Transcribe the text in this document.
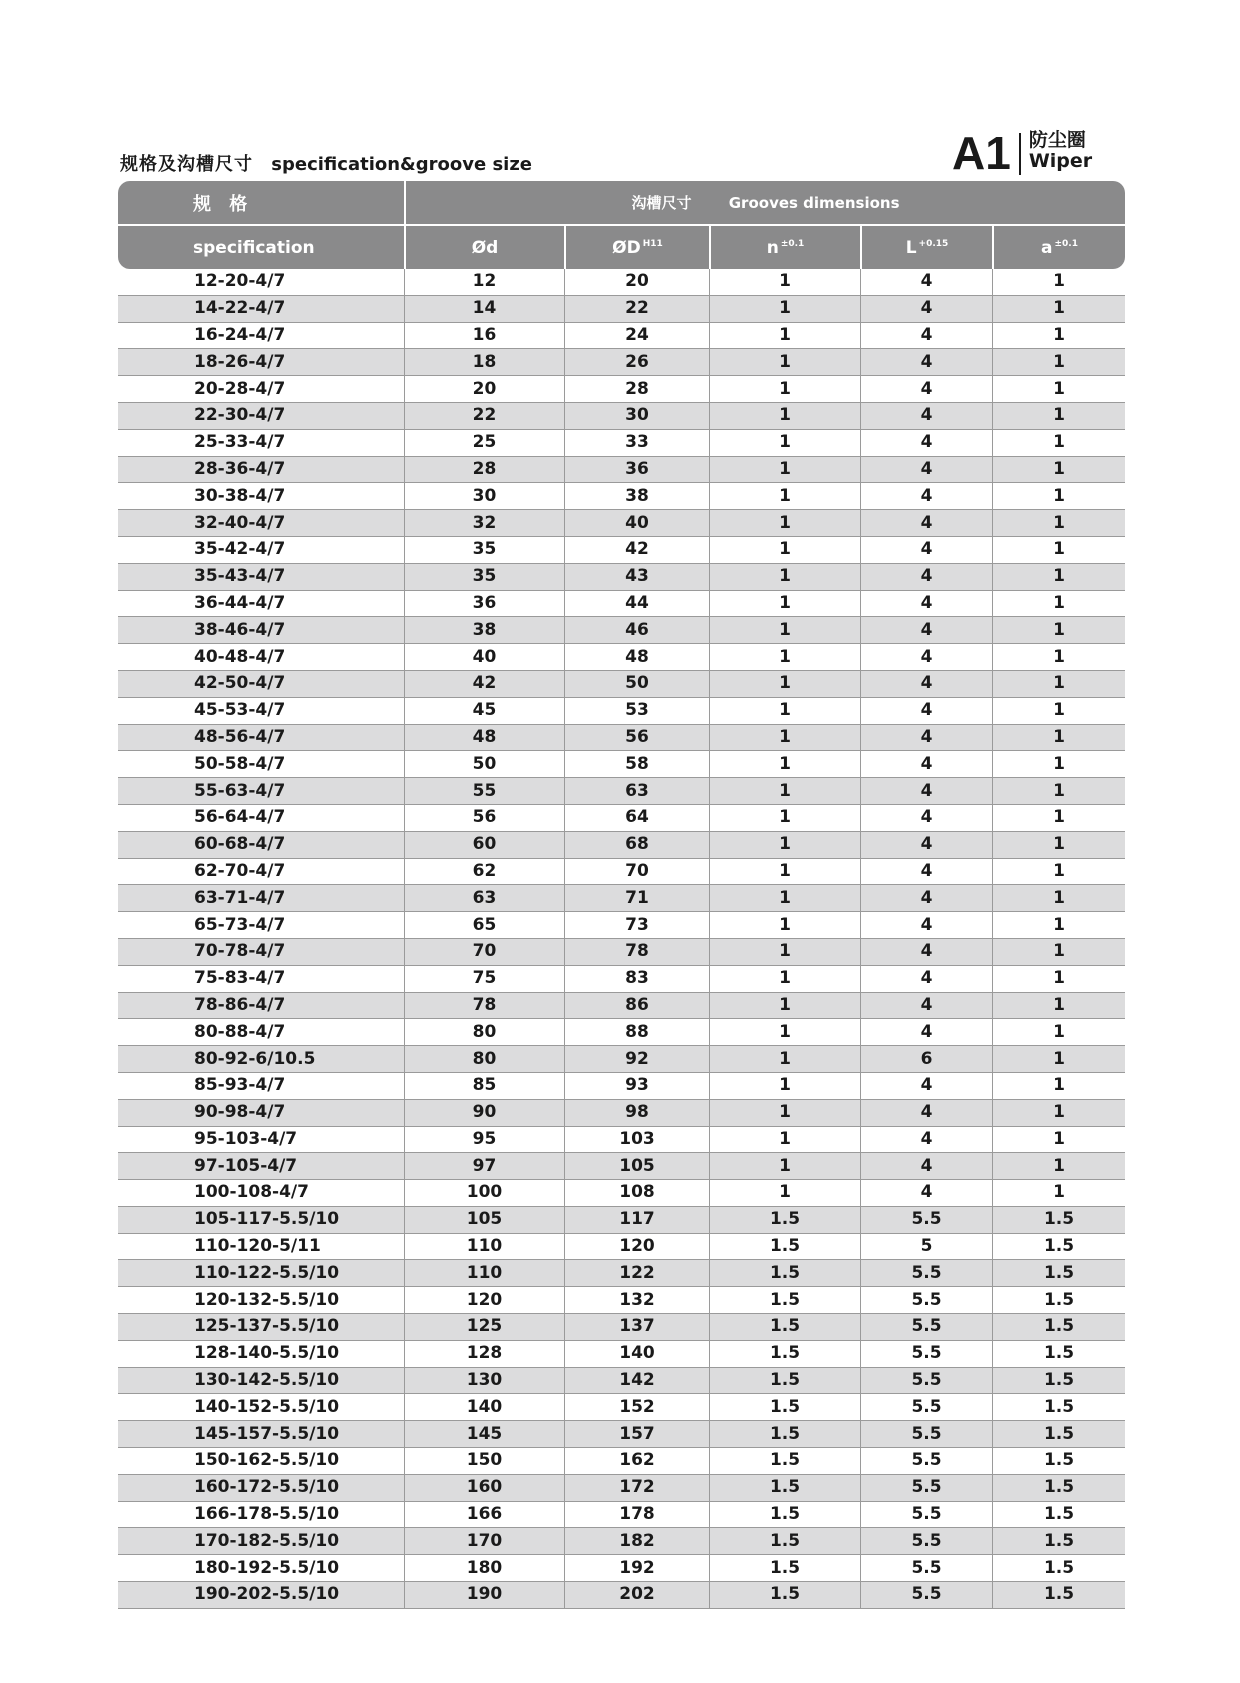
规格及沟槽尺寸 specification&groove size	A1 防尘圈
Wiper
规 格	沟槽尺寸 Grooves dimensions				
specification	Ød	ØD $^{H11}$	n $^{\pm 0.1}$	L $^{+0.15}$	a $^{\pm 0.1}$
12-20-4/7	12	20	1	4	1
14-22-4/7	14	22	1	4	1
16-24-4/7	16	24	1	4	1
18-26-4/7	18	26	1	4	1
20-28-4/7	20	28	1	4	1
22-30-4/7	22	30	1	4	1
25-33-4/7	25	33	1	4	1
28-36-4/7	28	36	1	4	1
30-38-4/7	30	38	1	4	1
32-40-4/7	32	40	1	4	1
35-42-4/7	35	42	1	4	1
35-43-4/7	35	43	1	4	1
36-44-4/7	36	44	1	4	1
38-46-4/7	38	46	1	4	1
40-48-4/7	40	48	1	4	1
42-50-4/7	42	50	1	4	1
45-53-4/7	45	53	1	4	1
48-56-4/7	48	56	1	4	1
50-58-4/7	50	58	1	4	1
55-63-4/7	55	63	1	4	1
56-64-4/7	56	64	1	4	1
60-68-4/7	60	68	1	4	1
62-70-4/7	62	70	1	4	1
63-71-4/7	63	71	1	4	1
65-73-4/7	65	73	1	4	1
70-78-4/7	70	78	1	4	1
75-83-4/7	75	83	1	4	1
78-86-4/7	78	86	1	4	1
80-88-4/7	80	88	1	4	1
80-92-6/10.5	80	92	1	6	1
85-93-4/7	85	93	1	4	1
90-98-4/7	90	98	1	4	1
95-103-4/7	95	103	1	4	1
97-105-4/7	97	105	1	4	1
100-108-4/7	100	108	1	4	1
105-117-5.5/10	105	117	1.5	5.5	1.5
110-120-5/11	110	120	1.5	5	1.5
110-122-5.5/10	110	122	1.5	5.5	1.5
120-132-5.5/10	120	132	1.5	5.5	1.5
125-137-5.5/10	125	137	1.5	5.5	1.5
128-140-5.5/10	128	140	1.5	5.5	1.5
130-142-5.5/10	130	142	1.5	5.5	1.5
140-152-5.5/10	140	152	1.5	5.5	1.5
145-157-5.5/10	145	157	1.5	5.5	1.5
150-162-5.5/10	150	162	1.5	5.5	1.5
160-172-5.5/10	160	172	1.5	5.5	1.5
166-178-5.5/10	166	178	1.5	5.5	1.5
170-182-5.5/10	170	182	1.5	5.5	1.5
180-192-5.5/10	180	192	1.5	5.5	1.5
190-202-5.5/10	190	202	1.5	5.5	1.5
